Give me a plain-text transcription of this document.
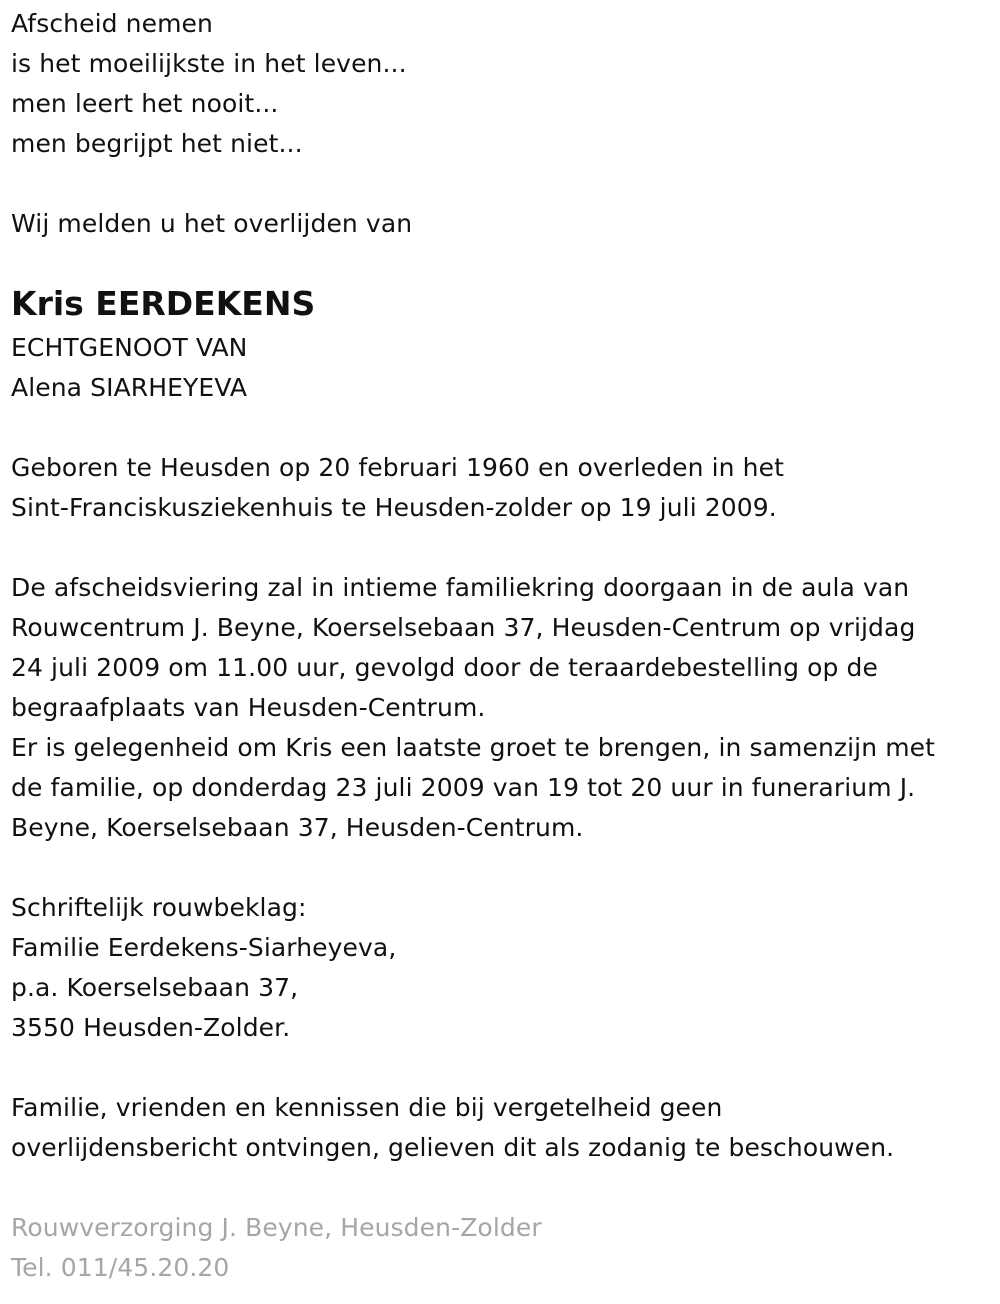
Afscheid nemen
is het moeilijkste in het leven...
men leert het nooit...
men begrijpt het niet...
Wij melden u het overlijden van
Kris EERDEKENS
ECHTGENOOT VAN
Alena SIARHEYEVA
Geboren te Heusden op 20 februari 1960 en overleden in het
Sint-Franciskusziekenhuis te Heusden-zolder op 19 juli 2009.
De afscheidsviering zal in intieme familiekring doorgaan in de aula van
Rouwcentrum J. Beyne, Koerselsebaan 37, Heusden-Centrum op vrijdag
24 juli 2009 om 11.00 uur, gevolgd door de teraardebestelling op de
begraafplaats van Heusden-Centrum.
Er is gelegenheid om Kris een laatste groet te brengen, in samenzijn met
de familie, op donderdag 23 juli 2009 van 19 tot 20 uur in funerarium J.
Beyne, Koerselsebaan 37, Heusden-Centrum.
Schriftelijk rouwbeklag:
Familie Eerdekens-Siarheyeva,
p.a. Koerselsebaan 37,
3550 Heusden-Zolder.
Familie, vrienden en kennissen die bij vergetelheid geen
overlijdensbericht ontvingen, gelieven dit als zodanig te beschouwen.
Rouwverzorging J. Beyne, Heusden-Zolder
Tel. 011/45.20.20
